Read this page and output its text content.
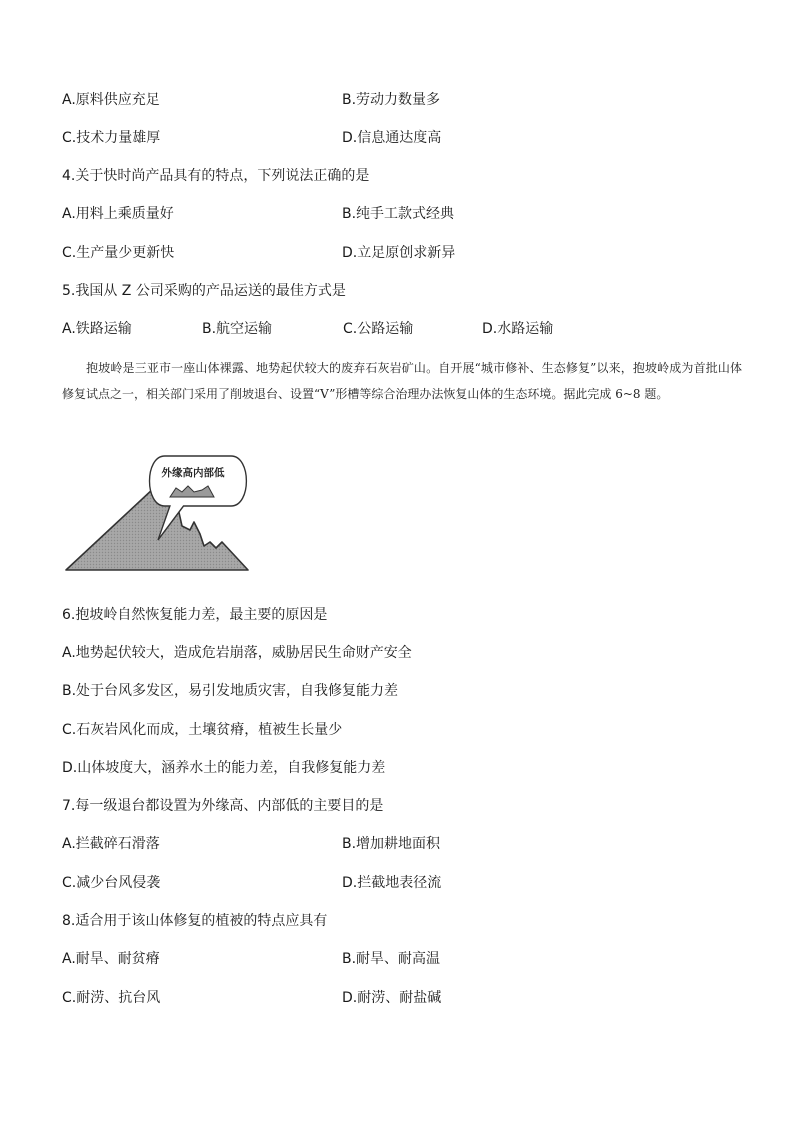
A.原料供应充足	B.劳动力数量多
C.技术力量雄厚	D.信息通达度高
4.关于快时尚产品具有的特点，下列说法正确的是
A.用料上乘质量好	B.纯手工款式经典
C.生产量少更新快	D.立足原创求新异
5.我国从 Z 公司采购的产品运送的最佳方式是
A.铁路运输	B.航空运输	C.公路运输	D.水路运输
抱坡岭是三亚市一座山体裸露、地势起伏较大的废弃石灰岩矿山。自开展“城市修补、生态修复”以来，抱坡岭成为首批山体修复试点之一，相关部门采用了削坡退台、设置“V”形槽等综合治理办法恢复山体的生态环境。据此完成 6~8 题。
外缘高内部低
6.抱坡岭自然恢复能力差，最主要的原因是
A.地势起伏较大，造成危岩崩落，威胁居民生命财产安全
B.处于台风多发区，易引发地质灾害，自我修复能力差
C.石灰岩风化而成，土壤贫瘠，植被生长量少
D.山体坡度大，涵养水土的能力差，自我修复能力差
7.每一级退台都设置为外缘高、内部低的主要目的是
A.拦截碎石滑落	B.增加耕地面积
C.减少台风侵袭	D.拦截地表径流
8.适合用于该山体修复的植被的特点应具有
A.耐旱、耐贫瘠	B.耐旱、耐高温
C.耐涝、抗台风	D.耐涝、耐盐碱
